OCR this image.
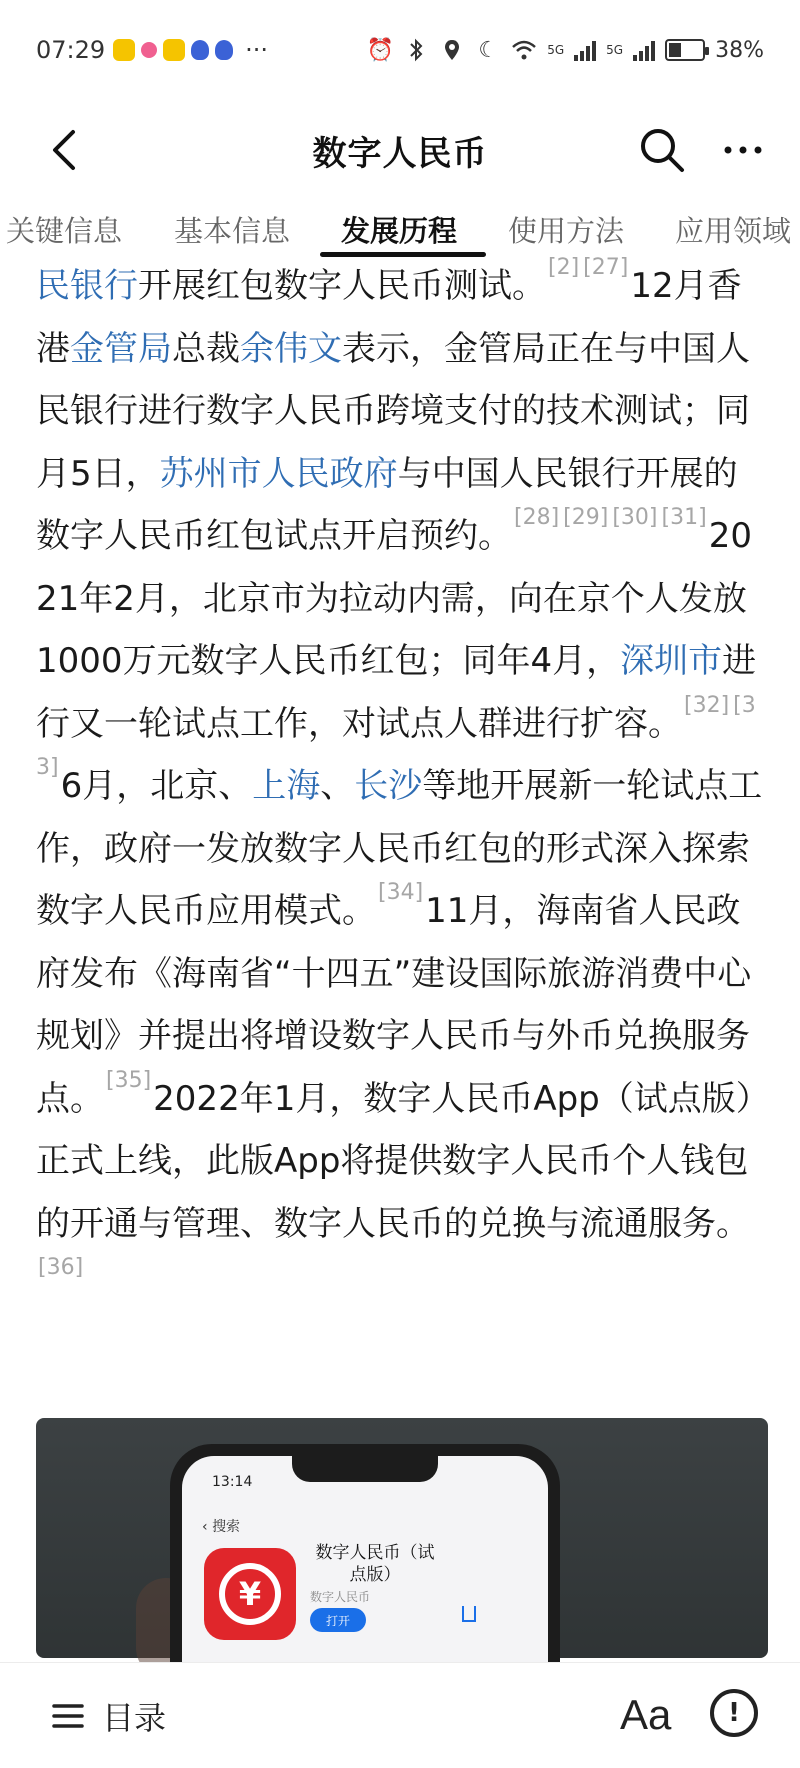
07:29	···	⏰	☾	5G	5G	38%
数字人民币
关键信息 基本信息 发展历程 使用方法 应用领域
民银行开展红包数字人民币测试。[2] [27]12月香港金管局总裁余伟文表示，金管局正在与中国人民银行进行数字人民币跨境支付的技术测试；同月5日，苏州市人民政府与中国人民银行开展的数字人民币红包试点开启预约。[28] [29] [30] [31]2021年2月，北京市为拉动内需，向在京个人发放1000万元数字人民币红包；同年4月，深圳市进行又一轮试点工作，对试点人群进行扩容。[32] [33]6月，北京、上海、长沙等地开展新一轮试点工作，政府一发放数字人民币红包的形式深入探索数字人民币应用模式。[34]11月，海南省人民政府发布《海南省“十四五”建设国际旅游消费中心规划》并提出将增设数字人民币与外币兑换服务点。[35]2022年1月，数字人民币App（试点版）正式上线，此版App将提供数字人民币个人钱包的开通与管理、数字人民币的兑换与流通服务。[36]
13:14
‹ 搜索
¥
数字人民币（试点版）
数字人民币
打开
目录	Aa !
